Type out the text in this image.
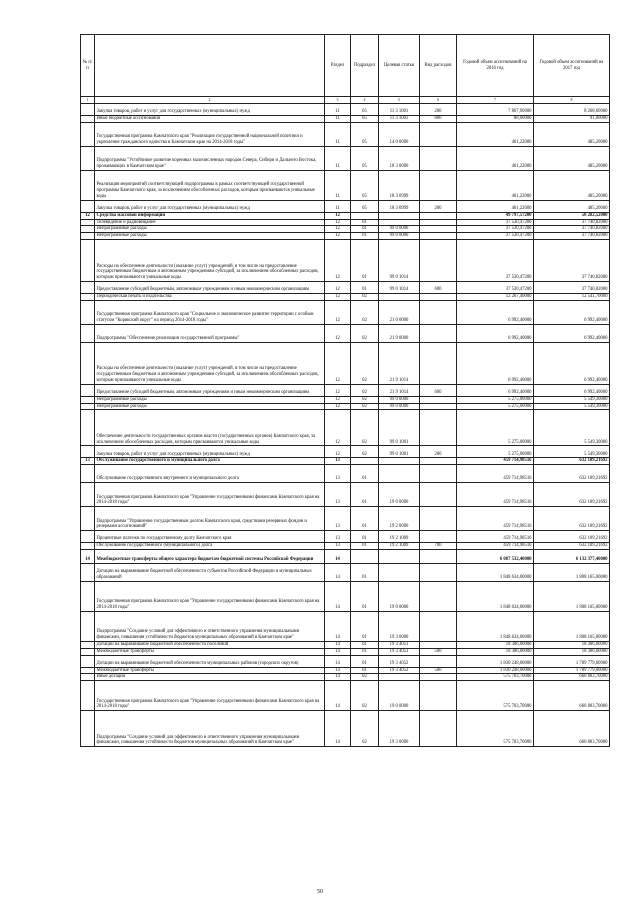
№ п/п		Раздел	Подраздел	Целевая статья	Вид расходов	Годовой объем ассигнований на 2016 год	Годовой объем ассигнований на 2017 год
1	2	3	4	5	6	7	8
	Закупка товаров, работ и услуг для государственных (муниципальных) нужд	11	05	11 3 1001	200	7 867,90000	8 268,60000
	Иные бюджетные ассигнования	11	05	11 3 1001	800	88,00000	91,00000
	Государственная программа Камчатского края "Реализация государственной национальной политики и укрепление гражданского единства в Камчатском крае на 2014-2018 годы"	11	05	14 0 0000		461,22000	485,20000
	Подпрограмма "Устойчивое развитие коренных малочисленных народов Севера, Сибири и Дальнего Востока, проживающих в Камчатском крае"	11	05	18 3 0000		461,22000	485,20000
	Реализация мероприятий соответствующей подпрограммы в рамках соответствующей государственной программы Камчатского края, за исключением обособленных расходов, которым присваиваются уникальные коды	11	05	18 3 0999		461,22000	485,20000
	Закупка товаров, работ и услуг для государственных (муниципальных) нужд	11	05	18 3 0999	200	461,22000	485,20000
12	Средства массовой информации	12				49 797,57200	50 282,52000
	Телевидение и радиовещание	12	01			37 530,47200	37 740,82000
	Непрограммные расходы	12	01	99 0 0000		37 530,47200	37 740,82000
	Непрограммные расходы	12	01	99 0 0000		37 530,47200	37 740,82000
	Расходы на обеспечение деятельности (оказание услуг) учреждений, в том числе на предоставление государственным бюджетным и автономным учреждениям субсидий, за исключением обособленных расходов, которым присваиваются уникальные коды	12	01	99 0 1014		37 530,47200	37 740,82000
	Предоставление субсидий бюджетным, автономным учреждениям и иным некоммерческим организациям	12	01	99 0 1014	600	37 530,47200	37 740,82000
	Периодическая печать и издательства	12	02			12 267,40000	12 541,70000
	Государственная программа Камчатского края "Социальное и экономическое развитие территории с особым статусом "Корякский округ" на период 2014-2018 годы"	12	02	21 0 0000		6 992,40000	6 992,40000
	Подпрограмма "Обеспечение реализации государственной программы"	12	02	21 9 0000		6 992,40000	6 992,40000
	Расходы на обеспечение деятельности (оказание услуг) учреждений, в том числе на предоставление государственным бюджетным и автономным учреждениям субсидий, за исключением обособленных расходов, которым присваиваются уникальные коды	12	02	21 9 1014		6 992,40000	6 992,40000
	Предоставление субсидий бюджетным, автономным учреждениям и иным некоммерческим организациям	12	02	21 9 1014	600	6 992,40000	6 992,40000
	Непрограммные расходы	12	02	99 0 0000		5 275,00000	5 549,30000
	Непрограммные расходы	12	02	99 0 0000		5 275,00000	5 549,30000
	Обеспечение деятельности государственных органов власти (государственных органов) Камчатского края, за исключением обособленных расходов, которым присваиваются уникальные коды	12	02	99 0 1001		5 275,00000	5 549,30000
	Закупка товаров, работ и услуг для государственных (муниципальных) нужд	12	02	99 0 1001	200	5 275,00000	5 549,30000
13	Обслуживание государственного и муниципального долга	13				459 714,98516	632 109,21692
	Обслуживание государственного внутреннего и муниципального долга	13	01			459 714,98516	632 109,21692
	Государственная программа Камчатского края "Управление государственными финансами Камчатского края на 2014-2018 годы"	13	01	19 0 0000		459 714,98516	632 109,21692
	Подпрограмма "Управление государственным долгом Камчатского края, средствами резервных фондов и резервами ассигнований"	13	01	19 2 0000		459 714,98516	632 109,21692
	Процентные платежи по государственному долгу Камчатского края	13	01	19 2 1009		459 714,98516	632 109,21692
	Обслуживание государственного (муниципального) долга	13	01	19 2 1009	700	459 714,98516	632 109,21692
14	Межбюджетные трансферты общего характера бюджетам бюджетной системы Российской Федерации	14				6 087 532,40000	6 132 377,40000
	Дотации на выравнивание бюджетной обеспеченности субъектов Российской Федерации и муниципальных образований	14	01			1 848 634,00000	1 808 165,00000
	Государственная программа Камчатского края "Управление государственными финансами Камчатского края на 2014-2018 годы"	14	01	19 0 0000		1 848 634,00000	1 808 165,00000
	Подпрограмма "Создание условий для эффективного и ответственного управления муниципальными финансами, повышения устойчивости бюджетов муниципальных образований в Камчатском крае"	14	01	19 3 0000		1 848 634,00000	1 808 165,00000
	Дотации на выравнивание бюджетной обеспеченности поселений	14	01	19 3 4051		18 386,00000	18 386,00000
	Межбюджетные трансферты	14	01	19 3 4051	500	18 386,00000	18 386,00000
	Дотации на выравнивание бюджетной обеспеченности муниципальных районов (городских округов)	14	01	19 3 4052		1 830 248,00000	1 789 779,00000
	Межбюджетные трансферты	14	01	19 3 4052	500	1 830 248,00000	1 789 779,00000
	Иные дотации	14	02			575 703,70000	660 883,70000
	Государственная программа Камчатского края "Управление государственными финансами Камчатского края на 2014-2018 годы"	14	02	19 0 0000		575 703,70000	660 883,70000
	Подпрограмма "Создание условий для эффективного и ответственного управления муниципальными финансами, повышения устойчивости бюджетов муниципальных образований в Камчатском крае"	14	02	19 3 0000		575 703,70000	660 883,70000
50
